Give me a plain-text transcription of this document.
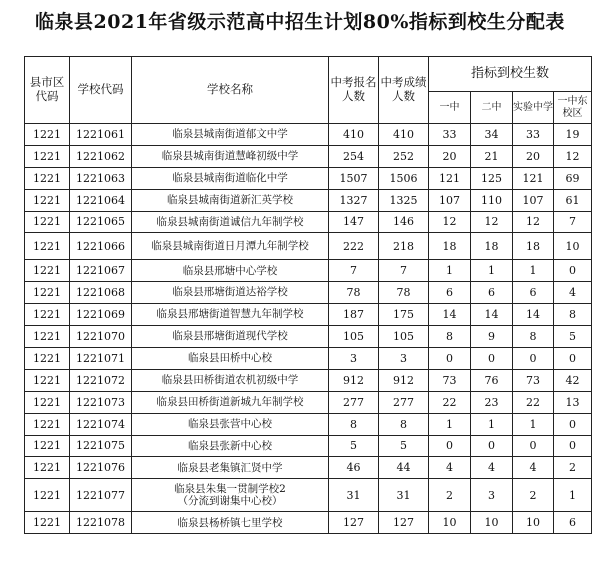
临泉县2021年省级示范高中招生计划80%指标到校生分配表
县市区代码	学校代码	学校名称	中考报名人数	中考成绩人数	指标到校生数			
					一中	二中	实验中学	一中东校区
1221	1221061	临泉县城南街道郁文中学	410	410	33	34	33	19
1221	1221062	临泉县城南街道慧峰初级中学	254	252	20	21	20	12
1221	1221063	临泉县城南街道临化中学	1507	1506	121	125	121	69
1221	1221064	临泉县城南街道新汇英学校	1327	1325	107	110	107	61
1221	1221065	临泉县城南街道诚信九年制学校	147	146	12	12	12	7
1221	1221066	临泉县城南街道日月潭九年制学校	222	218	18	18	18	10
1221	1221067	临泉县邢塘中心学校	7	7	1	1	1	0
1221	1221068	临泉县邢塘街道达裕学校	78	78	6	6	6	4
1221	1221069	临泉县邢塘街道智慧九年制学校	187	175	14	14	14	8
1221	1221070	临泉县邢塘街道现代学校	105	105	8	9	8	5
1221	1221071	临泉县田桥中心校	3	3	0	0	0	0
1221	1221072	临泉县田桥街道农机初级中学	912	912	73	76	73	42
1221	1221073	临泉县田桥街道新城九年制学校	277	277	22	23	22	13
1221	1221074	临泉县张营中心校	8	8	1	1	1	0
1221	1221075	临泉县张新中心校	5	5	0	0	0	0
1221	1221076	临泉县老集镇汇贤中学	46	44	4	4	4	2
1221	1221077	临泉县朱集一贯制学校2
（分流到谢集中心校）	31	31	2	3	2	1
1221	1221078	临泉县杨桥镇七里学校	127	127	10	10	10	6
